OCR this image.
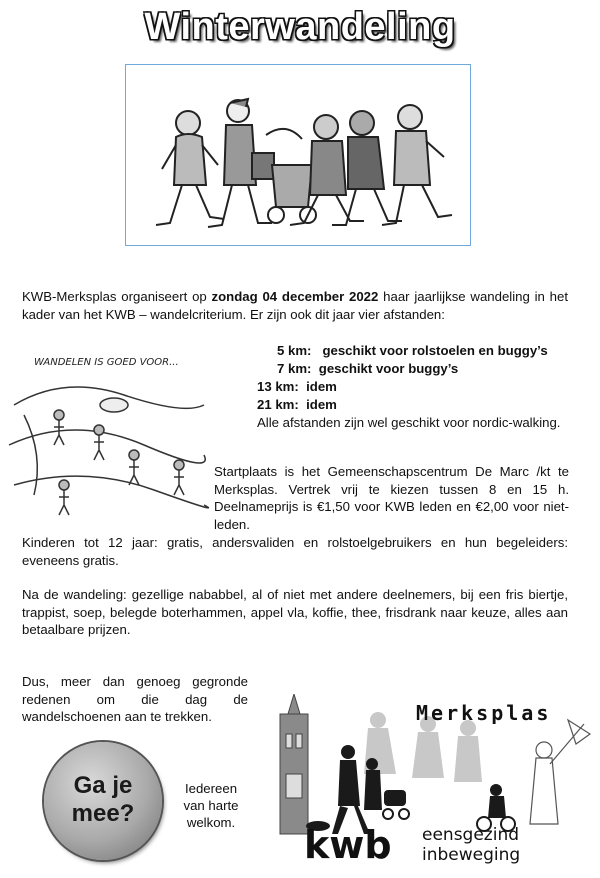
Winterwandeling
KWB-Merksplas organiseert op zondag 04 december 2022 haar jaarlijkse wandeling in het kader van het KWB – wandelcriterium. Er zijn ook dit jaar vier afstanden:
WANDELEN IS GOED VOOR...
5 km: geschikt voor rolstoelen en buggy’s
7 km: geschikt voor buggy’s
13 km: idem
21 km: idem
Alle afstanden zijn wel geschikt voor nordic-walking.
Startplaats is het Gemeenschapscentrum De Marc /kt te
Merksplas. Vertrek vrij te kiezen tussen 8 en 15 h.
Deelnameprijs is €1,50 voor KWB leden en €2,00 voor niet-
leden.
Kinderen tot 12 jaar: gratis, andersvaliden en rolstoelgebruikers en hun begeleiders: eveneens gratis.
Na de wandeling: gezellige nababbel, al of niet met andere deelnemers, bij een fris biertje, trappist, soep, belegde boterhammen, appel vla, koffie, thee, frisdrank naar keuze, alles aan betaalbare prijzen.
Dus, meer dan genoeg gegronde
redenen om die dag de
wandelschoenen aan te trekken.
Ga je
mee?
Iedereen
van harte
welkom.
Merksplas
kwb eensgezind
inbeweging
